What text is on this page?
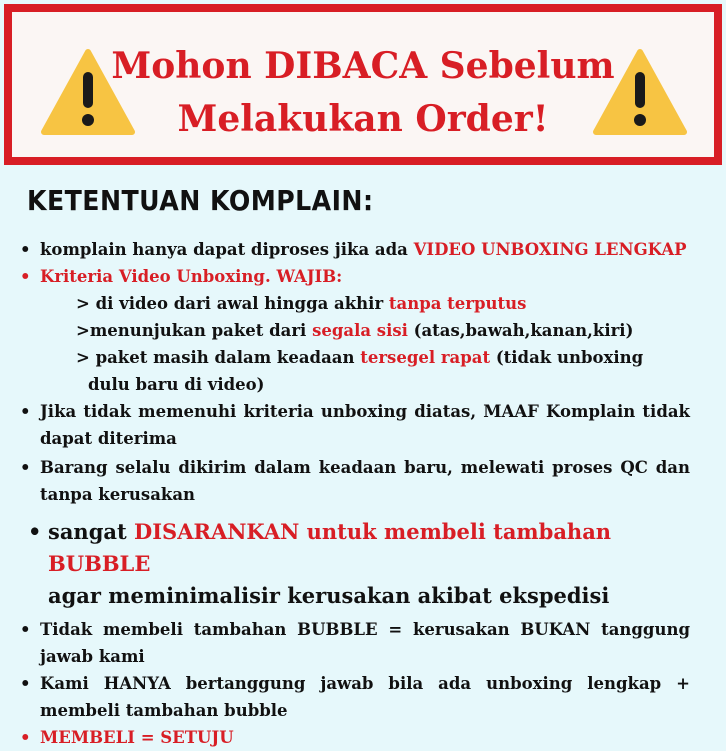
Mohon DIBACA Sebelum
Melakukan Order!
KETENTUAN KOMPLAIN:
• komplain hanya dapat diproses jika ada VIDEO UNBOXING LENGKAP
• Kriteria Video Unboxing. WAJIB:
> di video dari awal hingga akhir tanpa terputus
>menunjukan paket dari segala sisi (atas,bawah,kanan,kiri)
> paket masih dalam keadaan tersegel rapat (tidak unboxing
dulu baru di video)
• Jika tidak memenuhi kriteria unboxing diatas, MAAF Komplain tidak dapat diterima
• Barang selalu dikirim dalam keadaan baru, melewati proses QC dan tanpa kerusakan
• sangat DISARANKAN untuk membeli tambahan BUBBLE
agar meminimalisir kerusakan akibat ekspedisi
• Tidak membeli tambahan BUBBLE = kerusakan BUKAN tanggung jawab kami
• Kami HANYA bertanggung jawab bila ada unboxing lengkap + membeli tambahan bubble
• MEMBELI = SETUJU
